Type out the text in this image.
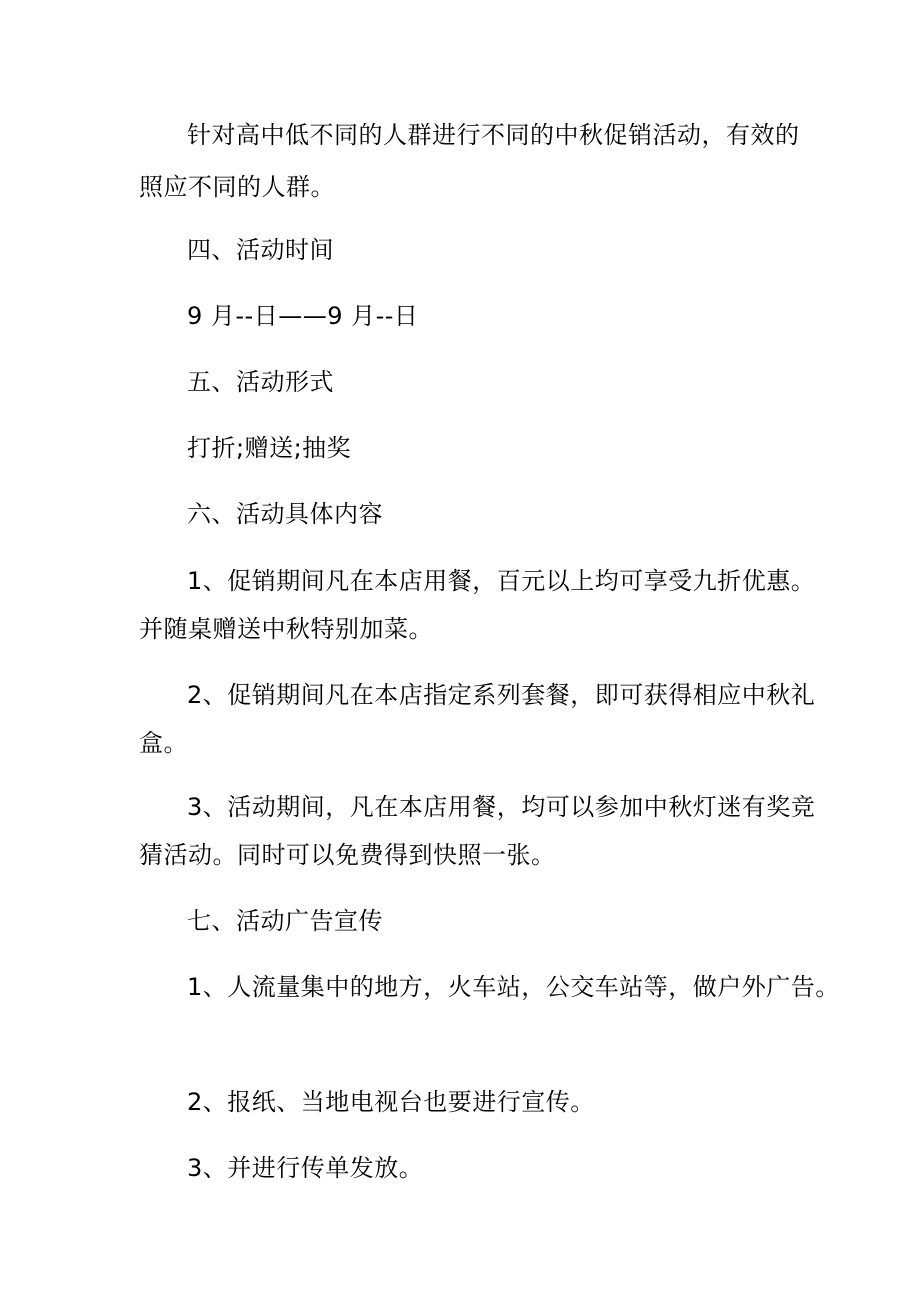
针对高中低不同的人群进行不同的中秋促销活动，有效的
照应不同的人群。
四、活动时间
9 月--日——9 月--日
五、活动形式
打折;赠送;抽奖
六、活动具体内容
1、促销期间凡在本店用餐，百元以上均可享受九折优惠。
并随桌赠送中秋特别加菜。
2、促销期间凡在本店指定系列套餐，即可获得相应中秋礼
盒。
3、活动期间，凡在本店用餐，均可以参加中秋灯迷有奖竞
猜活动。同时可以免费得到快照一张。
七、活动广告宣传
1、人流量集中的地方，火车站，公交车站等，做户外广告。
2、报纸、当地电视台也要进行宣传。
3、并进行传单发放。
